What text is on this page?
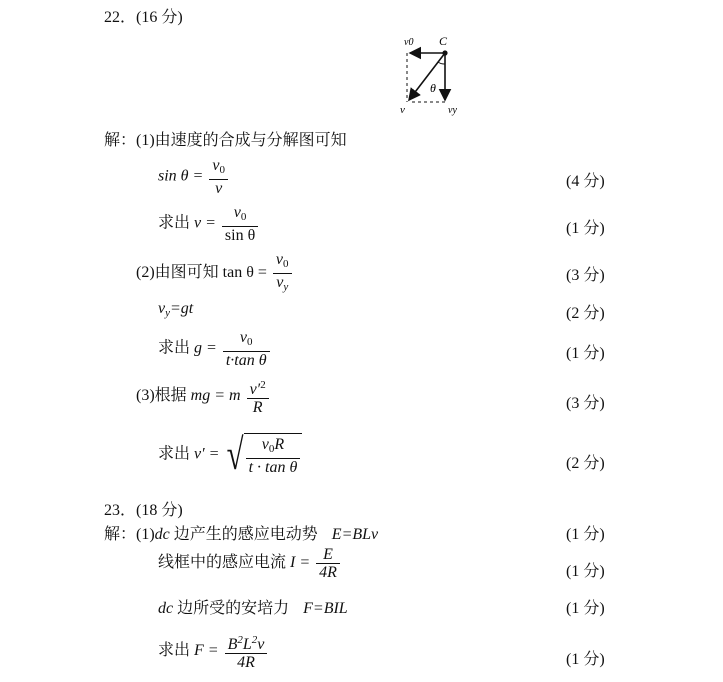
22．(16 分)
C
v0
θ
v	vy
解：(1)由速度的合成与分解图可知
$\sin \theta = \frac{v_0}{v}$	(4 分)
求出 $v = \frac{v_0}{\text{sin θ}}$	(1 分)
(2)由图可知 $\tan \theta = \frac{v_0}{v_y}$	(3 分)
$v_y=gt$	(2 分)
求出 $g = \frac{v_0}{\text{t·tan θ}}$	(1 分)
(3)根据 mg = m $\frac{v'^2}{R}$	(3 分)
求出 v′ = √ $\frac{v_0R}{\text{t · tan θ}}$	(2 分)
23．(18 分)
解：(1)dc 边产生的感应电动势 E=BLv	(1 分)
线框中的感应电流 $I = \frac{E}{4R}$	(1 分)
dc 边所受的安培力 F=BIL	(1 分)
求出 $F = \frac{B^2L^2v}{4R}$	(1 分)
